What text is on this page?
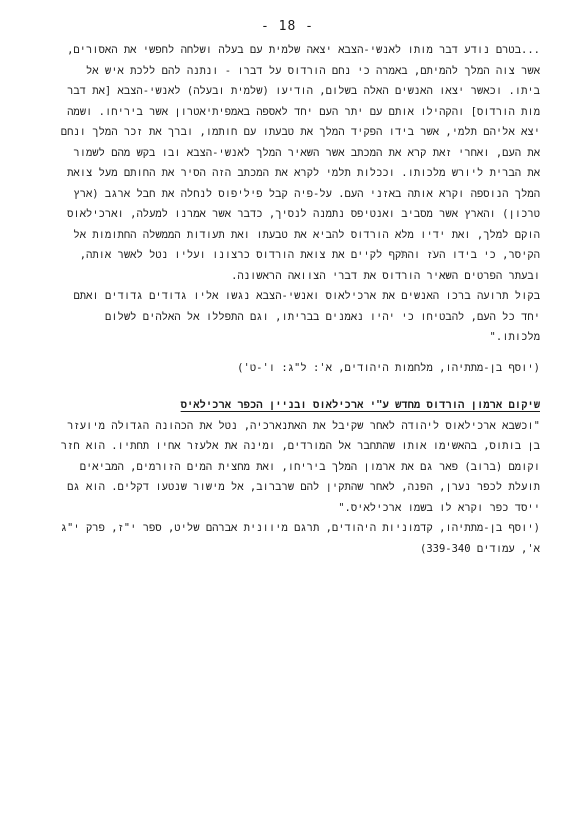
- 18 -

...בטרם נודע דבר מותו לאנשי-הצבא יצאה שלמית עם בעלה ושלחה לחפשי את האסורים,
אשר צוה המלך להמיתם, באמרה כי נחם הורדוס על דברו - ונתנה להם ללכת איש אל
ביתו. וכאשר יצאו האנשים האלה בשלום, הודיעו (שלמית ובעלה) לאנשי-הצבא [את דבר
מות הורדוס] והקהילו אותם עם יתר העם יחד לאספה באמפיתיאטרון אשר ביריחו. ושמה
יצא אליהם תלמי, אשר בידו הפקיד המלך את טבעתו עם חותמו, וברך את זכר המלך ונחם
את העם, ואחרי זאת קרא את המכתב אשר השאיר המלך לאנשי-הצבא ובו בקש מהם לשמור
את הברית ליורש מלכותו. וככלות תלמי לקרא את המכתב הזה הסיר את החותם מעל צואת
המלך הנוספה וקרא אותה באזני העם. על-פיה קבל פיליפוס לנחלה את חבל ארגב (ארץ
טרכון) והארץ אשר מסביב ואנטיפס נתמנה לנסיך, כדבר אשר אמרנו למעלה, וארכילאוס
הוקם למלך, ואת ידיו מלא הורדוס להביא את טבעתו ואת תעודות הממשלה החתומות אל
הקיסר, כי בידו העֹז והתֹּקף לקיים את צואת הורדוס כרצונו ועליו נטל לאשר אותה,
ובעתר הפרטים השאיר הורדוס את דברי הצוואה הראשונה.
בקול תרועה ברכו האנשים את ארכילאוס ואנשי-הצבא נגשו אליו גדודים גדודים ואתם
יחד כל העם, להבטיחו כי יהיו נאמנים בבריתו, וגם התפללו אל האלהים לשלום
מלכותו."

(יוסף בן-מתתיהו, מלחמות היהודים, א': ל"ג: ו'-ט')

שיקום ארמון הורדוס מחדש ע"י ארכילאוס ובניין הכפר ארכילאיס

"וכשבא ארכילאוס ליהודה לאחר שקיבל את האתנארכיה, נטל את הכהונה הגדולה מיועזר
בן בותוס, בהאשימו אותו שהתחבר אל המורדים, ומינה את אלעזר אחיו תחתיו. הוא חזר
וקומם (ברוב) פאר גם את ארמון המלך ביריחו, ואת מחצית המים הזורמים, המביאים
תועלת לכפר נערן, הפנה, לאחר שהתקין להם שרברוב, אל מישור שנטעו דקלים. הוא גם
ייסד כפר וקרא לו בשמו ארכילאיס."

(יוסף בן-מתתיהו, קדמוניות היהודים, תרגם מיוונית אברהם שליט, ספר י"ז, פרק י"ג
א', עמודים 339-340)
